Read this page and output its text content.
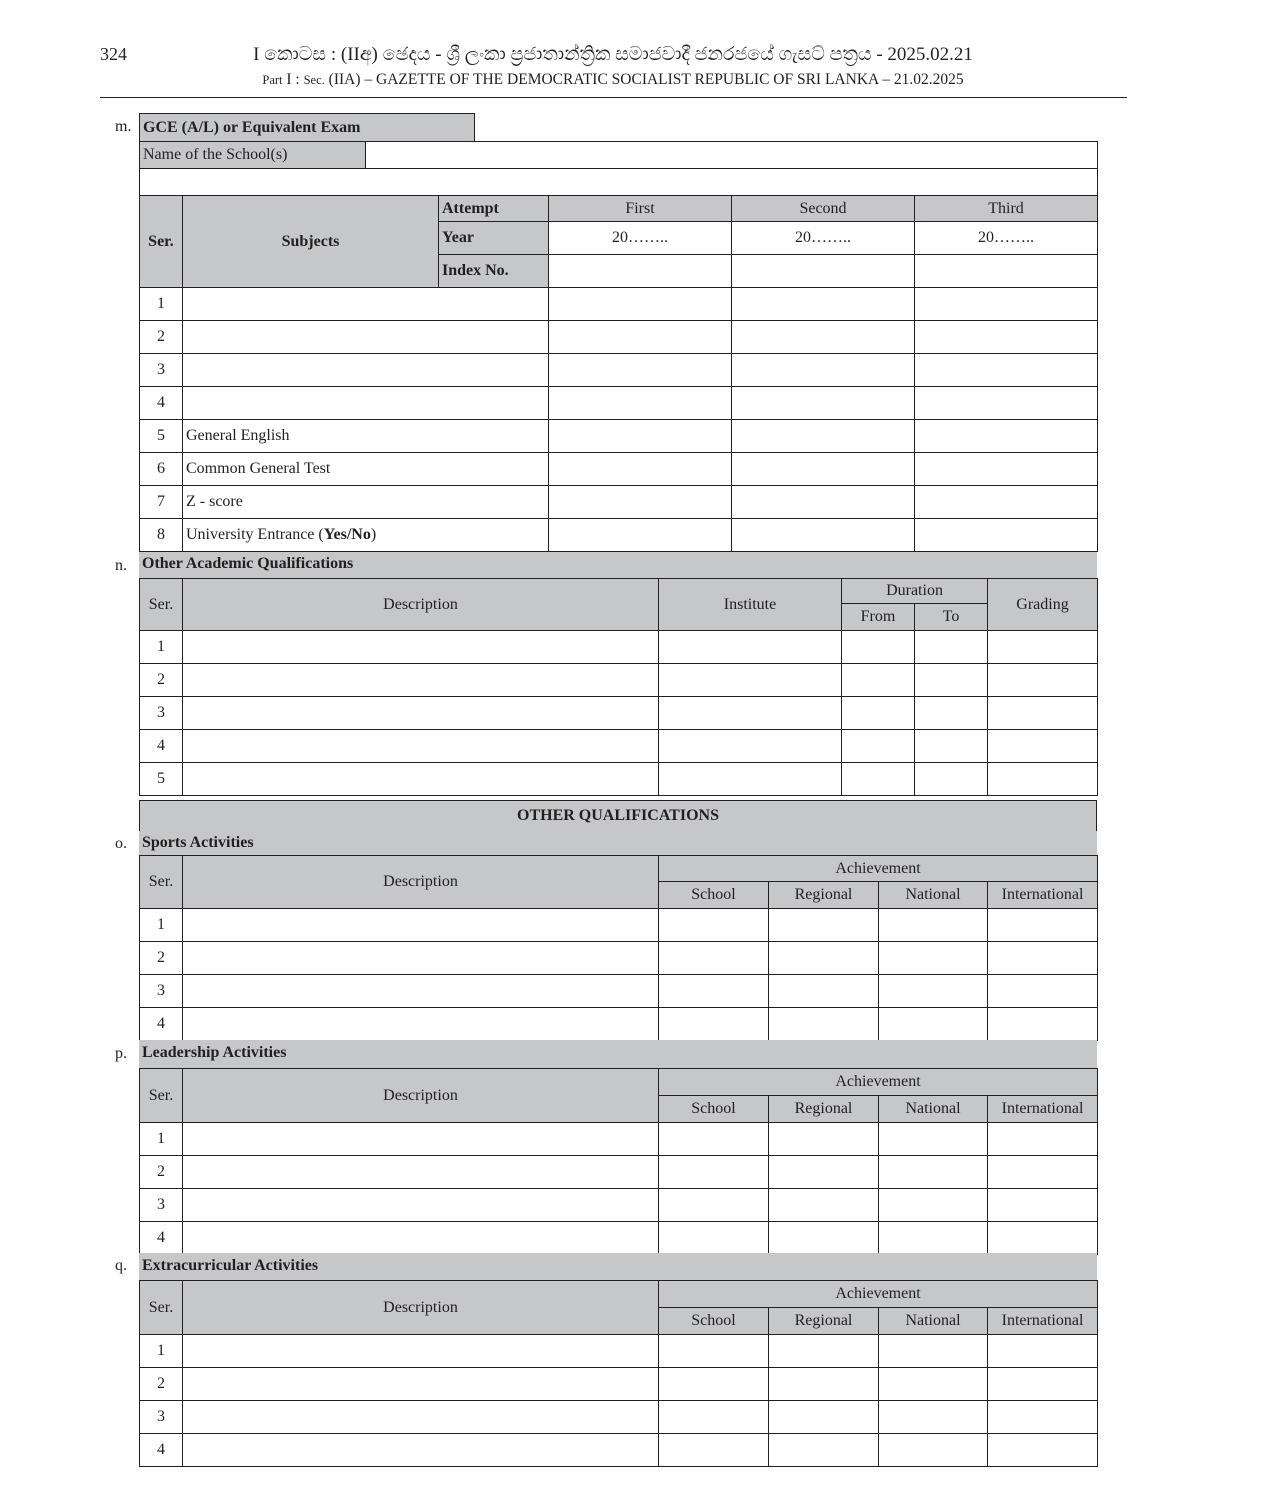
324	I කොටස : (IIඅ) ඡෙදය - ශ්‍රී ලංකා ප්‍රජාතාන්ත්‍රික සමාජවාදී ජනරජයේ ගැසට් පත්‍රය - 2025.02.21
Part I : Sec. (IIA) – GAZETTE OF THE DEMOCRATIC SOCIALIST REPUBLIC OF SRI LANKA – 21.02.2025
m. GCE (A/L) or Equivalent Exam
Name of the School(s)	

Ser.	Subjects	Attempt	First	Second	Third
		Year	20……..	20……..	20……..
		Index No.			
1					
2					
3					
4					
5	General English				
6	Common General Test				
7	Z - score				
8	University Entrance (Yes/No)				
n. Other Academic Qualifications
Ser.	Description	Institute	Duration		Grading
			From	To	
1					
2					
3					
4					
5					
OTHER QUALIFICATIONS
o. Sports Activities
Ser.	Description	Achievement			
		School	Regional	National	International
1					
2					
3					
4					
p. Leadership Activities
Ser.	Description	Achievement			
		School	Regional	National	International
1					
2					
3					
4					
q. Extracurricular Activities
Ser.	Description	Achievement			
		School	Regional	National	International
1					
2					
3					
4					
